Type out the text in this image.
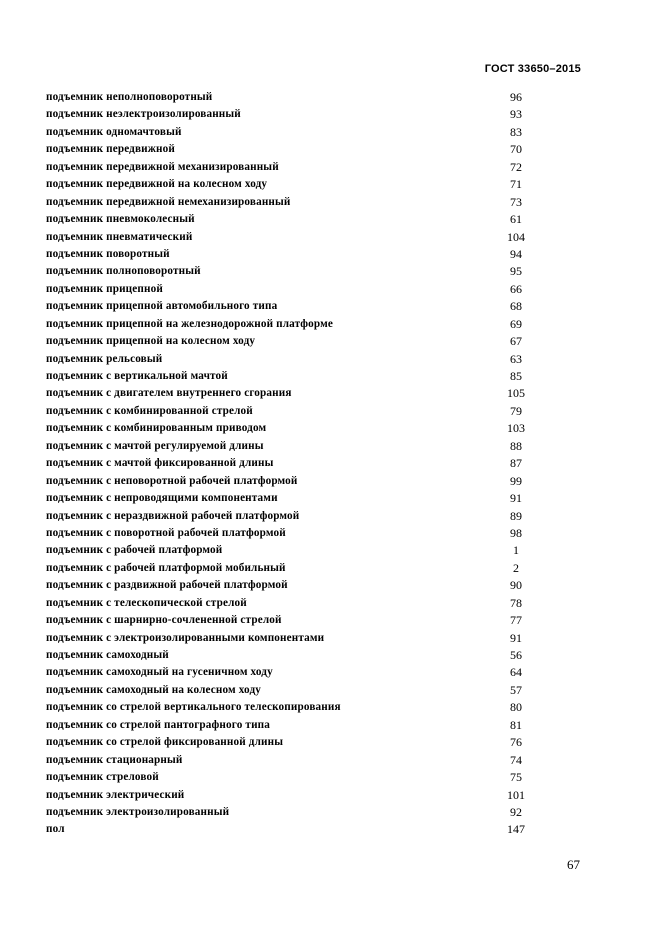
ГОСТ 33650–2015
подъемник неполноповоротный	96
подъемник неэлектроизолированный	93
подъемник одномачтовый	83
подъемник передвижной	70
подъемник передвижной механизированный	72
подъемник передвижной на колесном ходу	71
подъемник передвижной немеханизированный	73
подъемник пневмоколесный	61
подъемник пневматический	104
подъемник поворотный	94
подъемник полноповоротный	95
подъемник прицепной	66
подъемник прицепной автомобильного типа	68
подъемник прицепной на железнодорожной платформе	69
подъемник прицепной на колесном ходу	67
подъемник рельсовый	63
подъемник с вертикальной мачтой	85
подъемник с двигателем внутреннего сгорания	105
подъемник с комбинированной стрелой	79
подъемник с комбинированным приводом	103
подъемник с мачтой регулируемой длины	88
подъемник с мачтой фиксированной длины	87
подъемник с неповоротной рабочей платформой	99
подъемник с непроводящими компонентами	91
подъемник с нераздвижной рабочей платформой	89
подъемник с поворотной рабочей платформой	98
подъемник с рабочей платформой	1
подъемник с рабочей платформой мобильный	2
подъемник с раздвижной рабочей платформой	90
подъемник с телескопической стрелой	78
подъемник с шарнирно-сочлененной стрелой	77
подъемник с электроизолированными компонентами	91
подъемник самоходный	56
подъемник самоходный на гусеничном ходу	64
подъемник самоходный на колесном ходу	57
подъемник со стрелой вертикального телескопирования	80
подъемник со стрелой пантографного типа	81
подъемник со стрелой фиксированной длины	76
подъемник стационарный	74
подъемник стреловой	75
подъемник электрический	101
подъемник электроизолированный	92
пол	147
67
